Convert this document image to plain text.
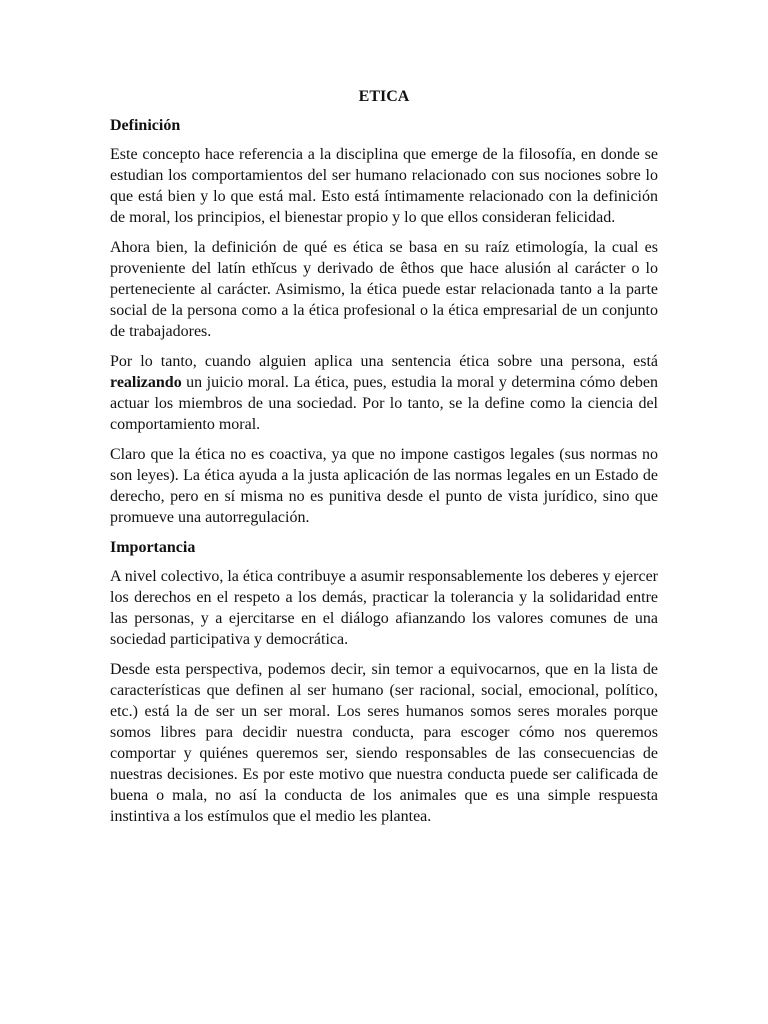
ETICA
Definición

Este concepto hace referencia a la disciplina que emerge de la filosofía, en donde se estudian los comportamientos del ser humano relacionado con sus nociones sobre lo que está bien y lo que está mal. Esto está íntimamente relacionado con la definición de moral, los principios, el bienestar propio y lo que ellos consideran felicidad.

Ahora bien, la definición de qué es ética se basa en su raíz etimología, la cual es proveniente del latín ethĭcus y derivado de êthos que hace alusión al carácter o lo perteneciente al carácter. Asimismo, la ética puede estar relacionada tanto a la parte social de la persona como a la ética profesional o la ética empresarial de un conjunto de trabajadores.

Por lo tanto, cuando alguien aplica una sentencia ética sobre una persona, está realizando un juicio moral. La ética, pues, estudia la moral y determina cómo deben actuar los miembros de una sociedad. Por lo tanto, se la define como la ciencia del comportamiento moral.

Claro que la ética no es coactiva, ya que no impone castigos legales (sus normas no son leyes). La ética ayuda a la justa aplicación de las normas legales en un Estado de derecho, pero en sí misma no es punitiva desde el punto de vista jurídico, sino que promueve una autorregulación.

Importancia

A nivel colectivo, la ética contribuye a asumir responsablemente los deberes y ejercer los derechos en el respeto a los demás, practicar la tolerancia y la solidaridad entre las personas, y a ejercitarse en el diálogo afianzando los valores comunes de una sociedad participativa y democrática.

Desde esta perspectiva, podemos decir, sin temor a equivocarnos, que en la lista de características que definen al ser humano (ser racional, social, emocional, político, etc.) está la de ser un ser moral. Los seres humanos somos seres morales porque somos libres para decidir nuestra conducta, para escoger cómo nos queremos comportar y quiénes queremos ser, siendo responsables de las consecuencias de nuestras decisiones. Es por este motivo que nuestra conducta puede ser calificada de buena o mala, no así la conducta de los animales que es una simple respuesta instintiva a los estímulos que el medio les plantea.
